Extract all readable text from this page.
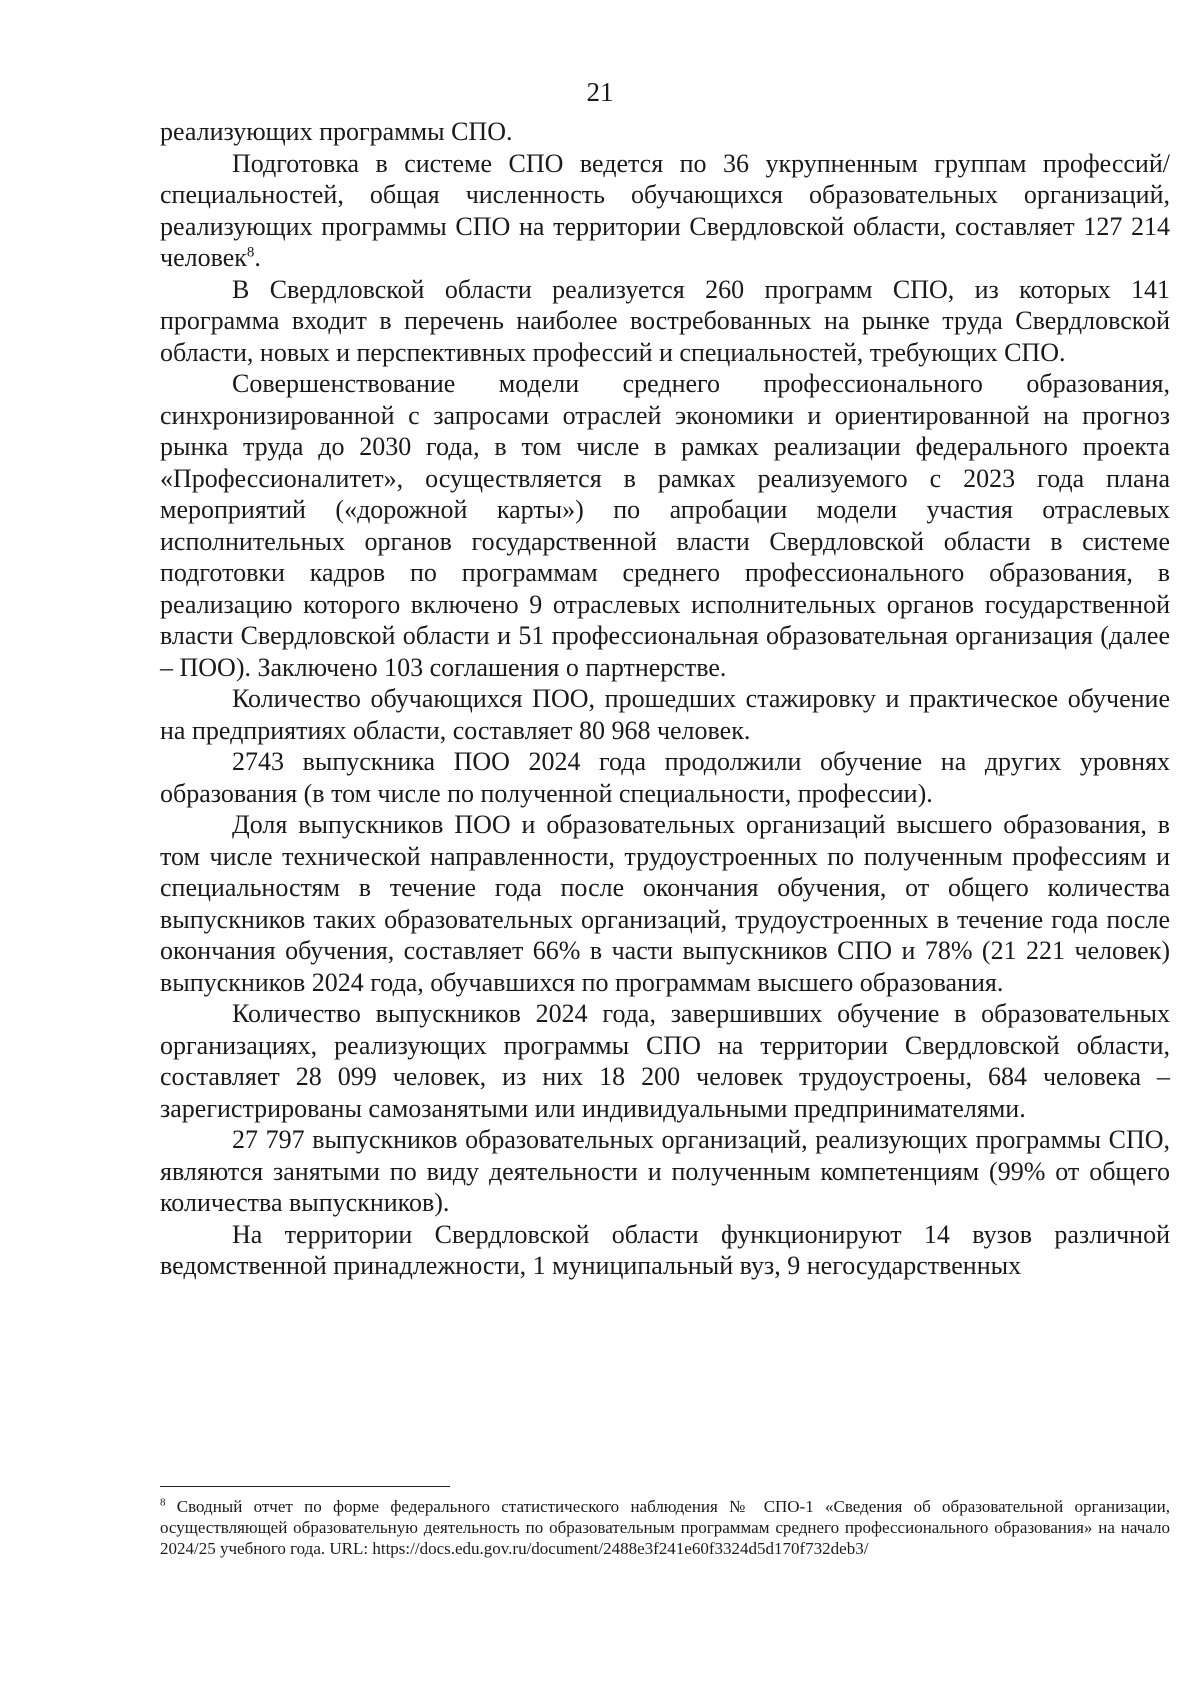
21

реализующих программы СПО.

Подготовка в системе СПО ведется по 36 укрупненным группам профессий/специальностей, общая численность обучающихся образовательных организаций, реализующих программы СПО на территории Свердловской области, составляет 127 214 человек$^8$.

В Свердловской области реализуется 260 программ СПО, из которых 141 программа входит в перечень наиболее востребованных на рынке труда Свердловской области, новых и перспективных профессий и специальностей, требующих СПО.

Совершенствование модели среднего профессионального образования, синхронизированной с запросами отраслей экономики и ориентированной на прогноз рынка труда до 2030 года, в том числе в рамках реализации федерального проекта «Профессионалитет», осуществляется в рамках реализуемого с 2023 года плана мероприятий («дорожной карты») по апробации модели участия отраслевых исполнительных органов государственной власти Свердловской области в системе подготовки кадров по программам среднего профессионального образования, в реализацию которого включено 9 отраслевых исполнительных органов государственной власти Свердловской области и 51 профессиональная образовательная организация (далее – ПОО). Заключено 103 соглашения о партнерстве.

Количество обучающихся ПОО, прошедших стажировку и практическое обучение на предприятиях области, составляет 80 968 человек.

2743 выпускника ПОО 2024 года продолжили обучение на других уровнях образования (в том числе по полученной специальности, профессии).

Доля выпускников ПОО и образовательных организаций высшего образования, в том числе технической направленности, трудоустроенных по полученным профессиям и специальностям в течение года после окончания обучения, от общего количества выпускников таких образовательных организаций, трудоустроенных в течение года после окончания обучения, составляет 66% в части выпускников СПО и 78% (21 221 человек) выпускников 2024 года, обучавшихся по программам высшего образования.

Количество выпускников 2024 года, завершивших обучение в образовательных организациях, реализующих программы СПО на территории Свердловской области, составляет 28 099 человек, из них 18 200 человек трудоустроены, 684 человека – зарегистрированы самозанятыми или индивидуальными предпринимателями.

27 797 выпускников образовательных организаций, реализующих программы СПО, являются занятыми по виду деятельности и полученным компетенциям (99% от общего количества выпускников).

На территории Свердловской области функционируют 14 вузов различной ведомственной принадлежности, 1 муниципальный вуз, 9 негосударственных

$^8$ Сводный отчет по форме федерального статистического наблюдения № СПО-1 «Сведения об образовательной организации, осуществляющей образовательную деятельность по образовательным программам среднего профессионального образования» на начало 2024/25 учебного года. URL: https://docs.edu.gov.ru/document/2488e3f241e60f3324d5d170f732deb3/
